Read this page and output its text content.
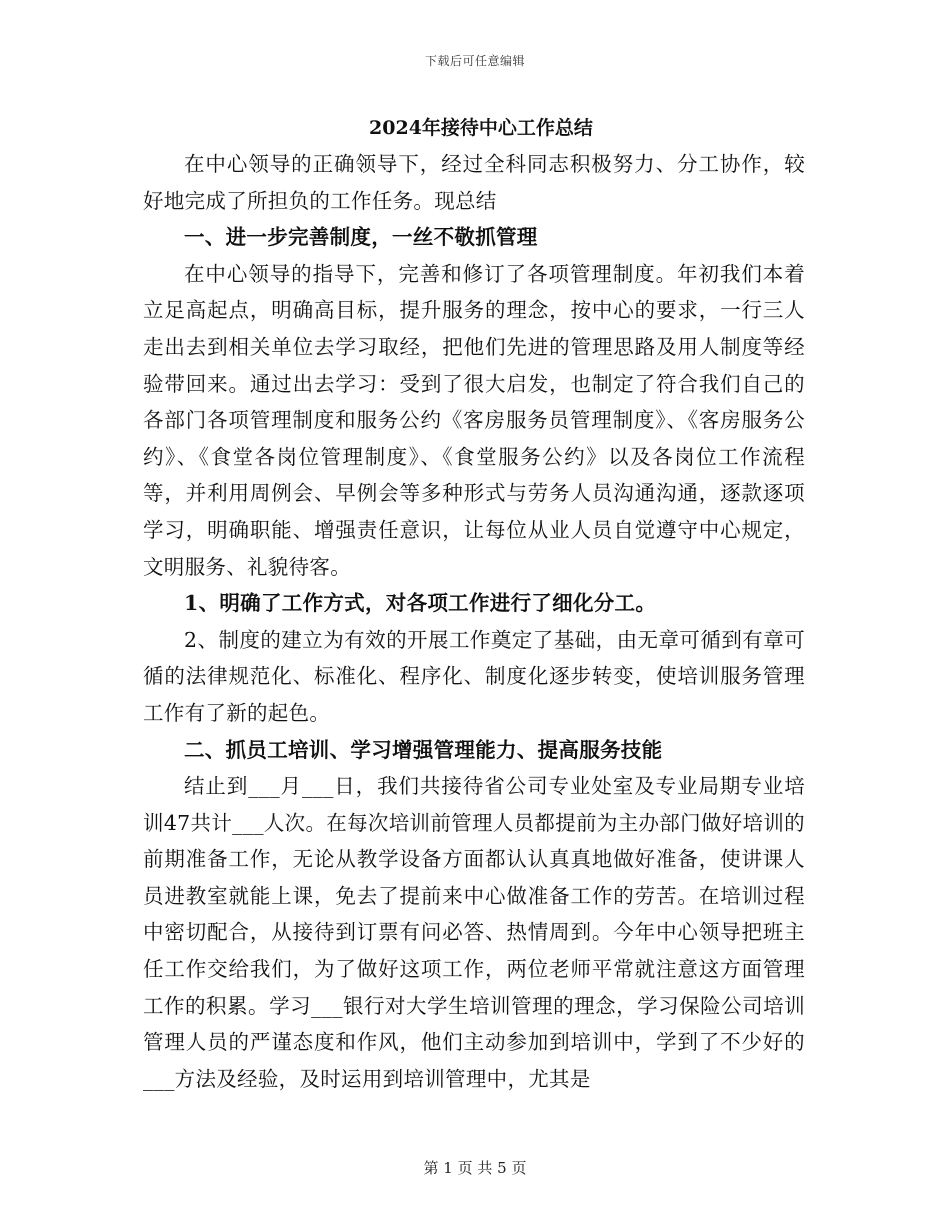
下载后可任意编辑
2024年接待中心工作总结

在中心领导的正确领导下，经过全科同志积极努力、分工协作，较好地完成了所担负的工作任务。现总结

一、进一步完善制度，一丝不敬抓管理

在中心领导的指导下，完善和修订了各项管理制度。年初我们本着立足高起点，明确高目标，提升服务的理念，按中心的要求，一行三人走出去到相关单位去学习取经，把他们先进的管理思路及用人制度等经验带回来。通过出去学习：受到了很大启发，也制定了符合我们自己的各部门各项管理制度和服务公约《客房服务员管理制度》、《客房服务公约》、《食堂各岗位管理制度》、《食堂服务公约》以及各岗位工作流程等，并利用周例会、早例会等多种形式与劳务人员沟通沟通，逐款逐项学习，明确职能、增强责任意识，让每位从业人员自觉遵守中心规定，文明服务、礼貌待客。

1、明确了工作方式，对各项工作进行了细化分工。

2、制度的建立为有效的开展工作奠定了基础，由无章可循到有章可循的法律规范化、标准化、程序化、制度化逐步转变，使培训服务管理工作有了新的起色。

二、抓员工培训、学习增强管理能力、提高服务技能

结止到___月___日，我们共接待省公司专业处室及专业局期专业培训47共计___人次。在每次培训前管理人员都提前为主办部门做好培训的前期准备工作，无论从教学设备方面都认认真真地做好准备，使讲课人员进教室就能上课，免去了提前来中心做准备工作的劳苦。在培训过程中密切配合，从接待到订票有问必答、热情周到。今年中心领导把班主任工作交给我们，为了做好这项工作，两位老师平常就注意这方面管理工作的积累。学习___银行对大学生培训管理的理念，学习保险公司培训管理人员的严谨态度和作风，他们主动参加到培训中，学到了不少好的___方法及经验，及时运用到培训管理中，尤其是

第 1 页 共 5 页
